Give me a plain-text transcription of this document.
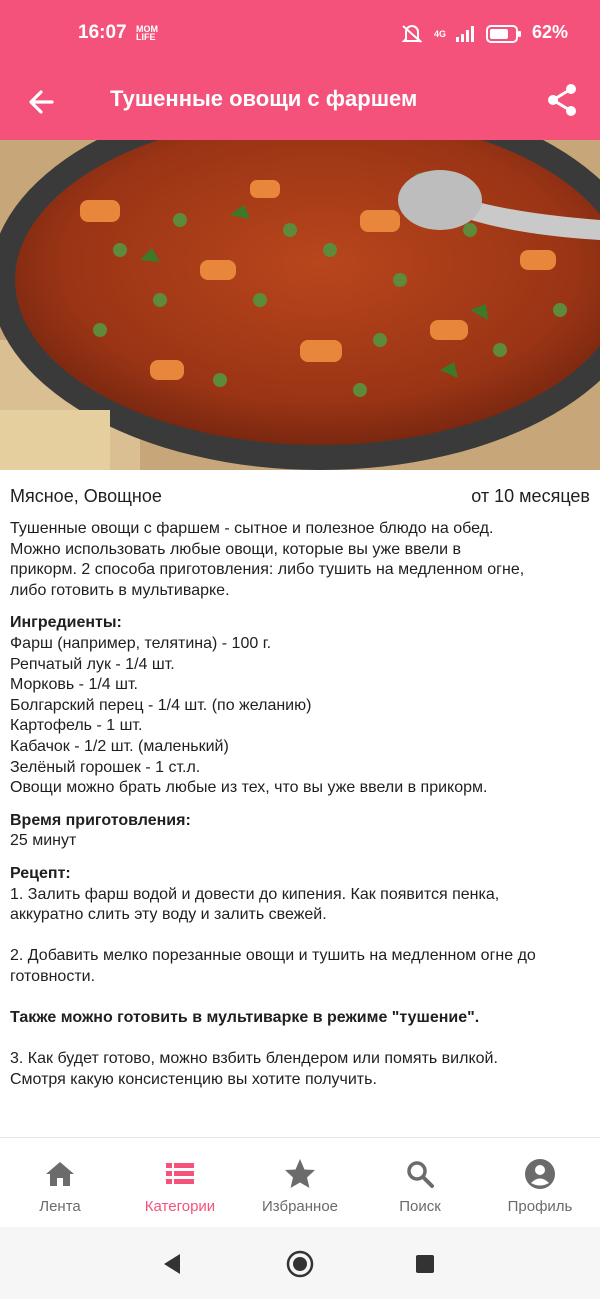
16:07 MOM
LIFE	4G	62%
Тушенные овощи с фаршем
Мясное, Овощное	от 10 месяцев

Тушенные овощи с фаршем - сытное и полезное блюдо на обед.

Можно использовать любые овощи, которые вы уже ввели в

прикорм. 2 способа приготовления: либо тушить на медленном огне,

либо готовить в мультиварке.

Ингредиенты:

Фарш (например, телятина) - 100 г.

Репчатый лук - 1/4 шт.

Морковь - 1/4 шт.

Болгарский перец - 1/4 шт. (по желанию)

Картофель - 1 шт.

Кабачок - 1/2 шт. (маленький)

Зелёный горошек - 1 ст.л.

Овощи можно брать любые из тех, что вы уже ввели в прикорм.

Время приготовления:

25 минут

Рецепт:

1. Залить фарш водой и довести до кипения. Как появится пенка,

аккуратно слить эту воду и залить свежей.

2. Добавить мелко порезанные овощи и тушить на медленном огне до

готовности.

Также можно готовить в мультиварке в режиме "тушение".

3. Как будет готово, можно взбить блендером или помять вилкой.

Смотря какую консистенцию вы хотите получить.

Лента	Категории	Избранное	Поиск	Профиль
